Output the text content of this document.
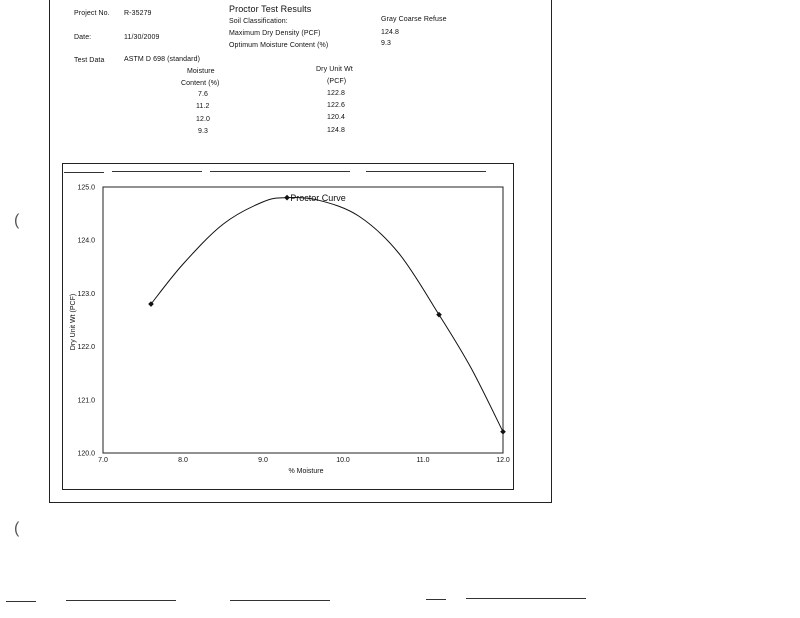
Project No. R-35279
Date:	11/30/2009
Test Data	ASTM D 698 (standard)
Proctor Test Results
Soil Classification:	Gray Coarse Refuse
Maximum Dry Density (PCF)	124.8
Optimum Moisture Content (%)	9.3
Moisture
Content (%)
Dry Unit Wt
(PCF)
7.6	122.8
11.2	122.6
12.0	120.4
9.3	124.8
Proctor Curve
% Moisture
Dry Unit Wt (PCF)
7.0	8.0	9.0	10.0	11.0	12.0
125.0
124.0
123.0
122.0
121.0
120.0
(
(
